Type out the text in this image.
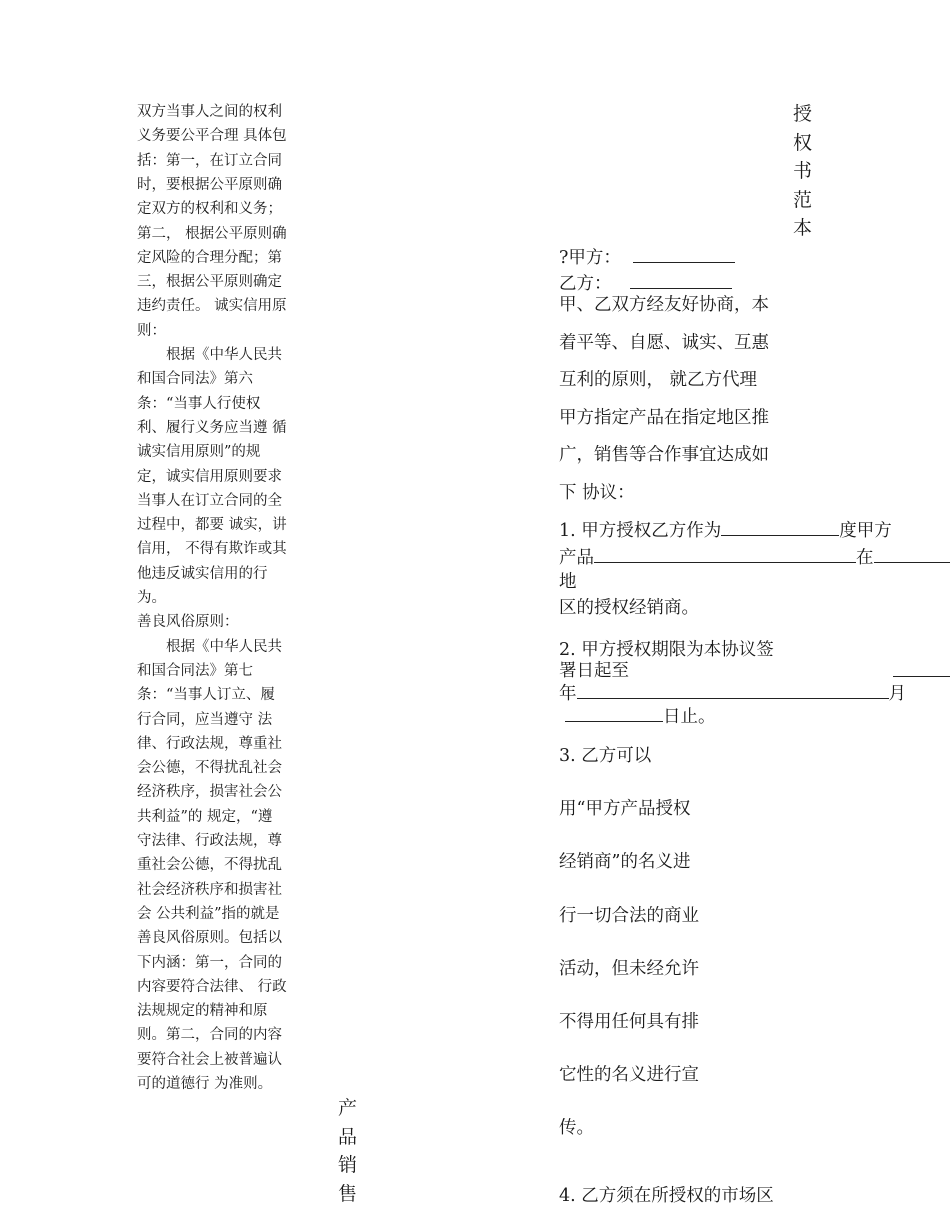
双方当事人之间的权利
义务要公平合理 具体包
括：第一，在订立合同
时，要根据公平原则确
定双方的权利和义务；
第二， 根据公平原则确
定风险的合理分配；第
三，根据公平原则确定
违约责任。 诚实信用原
则：
　　根据《中华人民共
和国合同法》第六
条：“当事人行使权
利、履行义务应当遵 循
诚实信用原则”的规
定，诚实信用原则要求
当事人在订立合同的全
过程中，都要 诚实，讲
信用， 不得有欺诈或其
他违反诚实信用的行
为。
善良风俗原则：
　　根据《中华人民共
和国合同法》第七
条：“当事人订立、履
行合同，应当遵守 法
律、行政法规，尊重社
会公德，不得扰乱社会
经济秩序，损害社会公
共利益”的 规定，“遵
守法律、行政法规，尊
重社会公德，不得扰乱
社会经济秩序和损害社
会 公共利益”指的就是
善良风俗原则。包括以
下内涵：第一，合同的
内容要符合法律、 行政
法规规定的精神和原
则。第二，合同的内容
要符合社会上被普遍认
可的道德行 为准则。
授
权
书
范
本
产
品
销
售
?甲方：
乙方：
甲、乙双方经友好协商，本
着平等、自愿、诚实、互惠
互利的原则， 就乙方代理
甲方指定产品在指定地区推
广，销售等合作事宜达成如
下 协议：
1. 甲方授权乙方作为	度甲方
产品	在
地
区的授权经销商。
2. 甲方授权期限为本协议签
署日起至
年	月
日止。
3. 乙方可以
用“甲方产品授权
经销商”的名义进
行一切合法的商业
活动，但未经允许
不得用任何具有排
它性的名义进行宣
传。
4. 乙方须在所授权的市场区
